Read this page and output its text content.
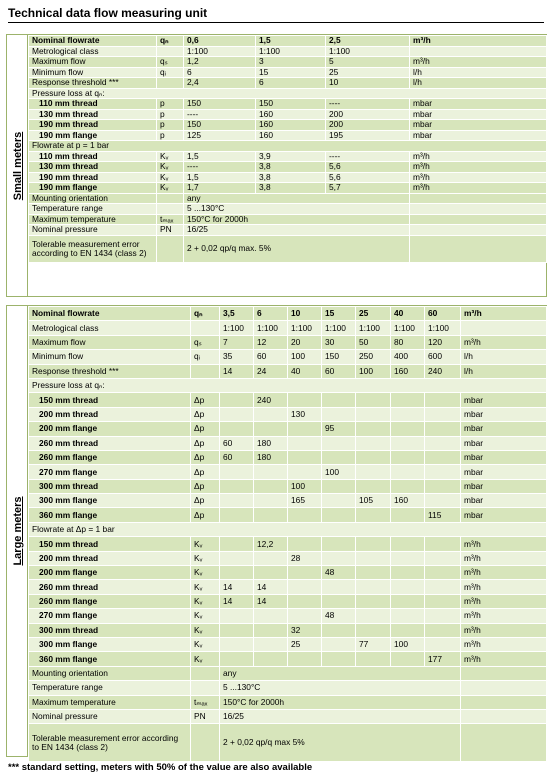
Technical data flow measuring unit
Small meters
Nominal flowrate	qₙ	0,6	1,5	2,5	m³/h
Metrological class		1:100	1:100	1:100	
Maximum flow	qₛ	1,2	3	5	m³/h
Minimum flow	qᵢ	6	15	25	l/h
Response threshold ***		2,4	6	10	l/h
Pressure loss at qₙ:					
110 mm thread	p	150	150	----	mbar
130 mm thread	p	----	160	200	mbar
190 mm thread	p	150	160	200	mbar
190 mm flange	p	125	160	195	mbar
Flowrate at p = 1 bar					
110 mm thread	Kᵥ	1,5	3,9	----	m³/h
130 mm thread	Kᵥ	----	3,8	5,6	m³/h
190 mm thread	Kᵥ	1,5	3,8	5,6	m³/h
190 mm flange	Kᵥ	1,7	3,8	5,7	m³/h
Mounting orientation		any			
Temperature range		5 ...130°C			
Maximum temperature	tₘₐₓ	150°C for 2000h			
Nominal pressure	PN	16/25			
Tolerable measurement error according to EN 1434 (class 2)		2 + 0,02 qp/q max. 5%			
Large meters
Nominal flowrate	qₙ	3,5	6	10	15	25	40	60	m³/h
Metrological class		1:100	1:100	1:100	1:100	1:100	1:100	1:100	
Maximum flow	qₛ	7	12	20	30	50	80	120	m³/h
Minimum flow	qᵢ	35	60	100	150	250	400	600	l/h
Response threshold ***		14	24	40	60	100	160	240	l/h
Pressure loss at qₙ:									
150 mm thread	Δp		240						mbar
200 mm thread	Δp			130					mbar
200 mm flange	Δp				95				mbar
260 mm thread	Δp	60	180						mbar
260 mm flange	Δp	60	180						mbar
270 mm flange	Δp				100				mbar
300 mm thread	Δp			100					mbar
300 mm flange	Δp			165		105	160		mbar
360 mm flange	Δp							115	mbar
Flowrate at Δp = 1 bar									
150 mm thread	Kᵥ		12,2						m³/h
200 mm thread	Kᵥ			28					m³/h
200 mm flange	Kᵥ				48				m³/h
260 mm thread	Kᵥ	14	14						m³/h
260 mm flange	Kᵥ	14	14						m³/h
270 mm flange	Kᵥ				48				m³/h
300 mm thread	Kᵥ			32					m³/h
300 mm flange	Kᵥ			25		77	100		m³/h
360 mm flange	Kᵥ							177	m³/h
Mounting orientation		any							
Temperature range		5 ...130°C							
Maximum temperature	tₘₐₓ	150°C for 2000h							
Nominal pressure	PN	16/25							
Tolerable measurement error according to EN 1434 (class 2)		2 + 0,02 qp/q max 5%							
*** standard setting, meters with 50% of the value are also available
